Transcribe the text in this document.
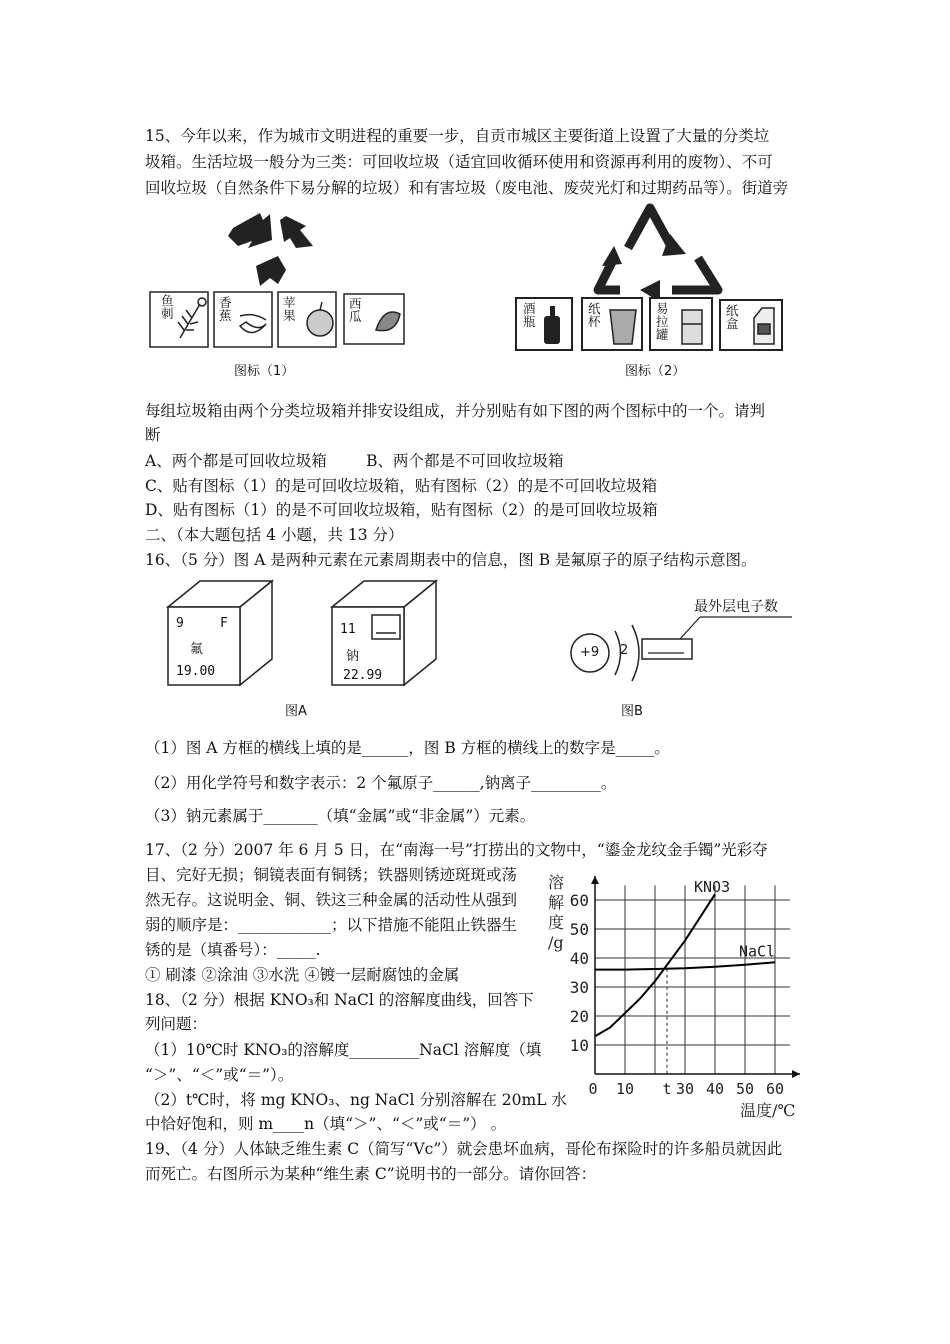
15、今年以来，作为城市文明进程的重要一步，自贡市城区主要街道上设置了大量的分类垃
圾箱。生活垃圾一般分为三类：可回收垃圾（适宜回收循环使用和资源再利用的废物）、不可
回收垃圾（自然条件下易分解的垃圾）和有害垃圾（废电池、废荧光灯和过期药品等）。街道旁
鱼刺
香蕉
苹果
西瓜
图标（1）
酒瓶
纸杯
易拉罐
纸盒
图标（2）
每组垃圾箱由两个分类垃圾箱并排安设组成，并分别贴有如下图的两个图标中的一个。请判
断
A、两个都是可回收垃圾箱        B、两个都是不可回收垃圾箱
C、贴有图标（1）的是可回收垃圾箱，贴有图标（2）的是不可回收垃圾箱
D、贴有图标（1）的是不可回收垃圾箱，贴有图标（2）的是可回收垃圾箱
二、（本大题包括 4 小题，共 13 分）
16、（5 分）图 A 是两种元素在元素周期表中的信息，图 B 是氟原子的原子结构示意图。
9	F
氟
19.00
11
钠
22.99
图A
+9 2
最外层电子数
图B
（1）图 A 方框的横线上填的是______，图 B 方框的横线上的数字是_____。
（2）用化学符号和数字表示：2 个氟原子______,钠离子_________。
（3）钠元素属于_______（填“金属”或“非金属”）元素。
17、（2 分）2007 年 6 月 5 日，在“南海一号”打捞出的文物中，“鎏金龙纹金手镯”光彩夺
目、完好无损；铜镜表面有铜锈；铁器则锈迹斑斑或荡
然无存。这说明金、铜、铁这三种金属的活动性从强到
弱的顺序是：____________；以下措施不能阻止铁器生
锈的是（填番号）：_____.
① 刷漆 ②涂油 ③水洗 ④镀一层耐腐蚀的金属
18、（2 分）根据 KNO₃和 NaCl 的溶解度曲线，回答下
列问题：
（1）10℃时 KNO₃的溶解度_________NaCl 溶解度（填
“＞”、“＜”或“＝”）。
（2）t℃时，将 mg KNO₃、ng NaCl 分别溶解在 20mL 水
中恰好饱和，则 m____n（填“＞”、“＜”或“＝”） 。
10
20
30
40
50
60
0 10 t 30 40 50 60
KNO3
NaCl
溶
解
度
/g
温度/℃
19、（4 分）人体缺乏维生素 C（简写“Vc”）就会患坏血病，哥伦布探险时的许多船员就因此
而死亡。右图所示为某种“维生素 C”说明书的一部分。请你回答：
